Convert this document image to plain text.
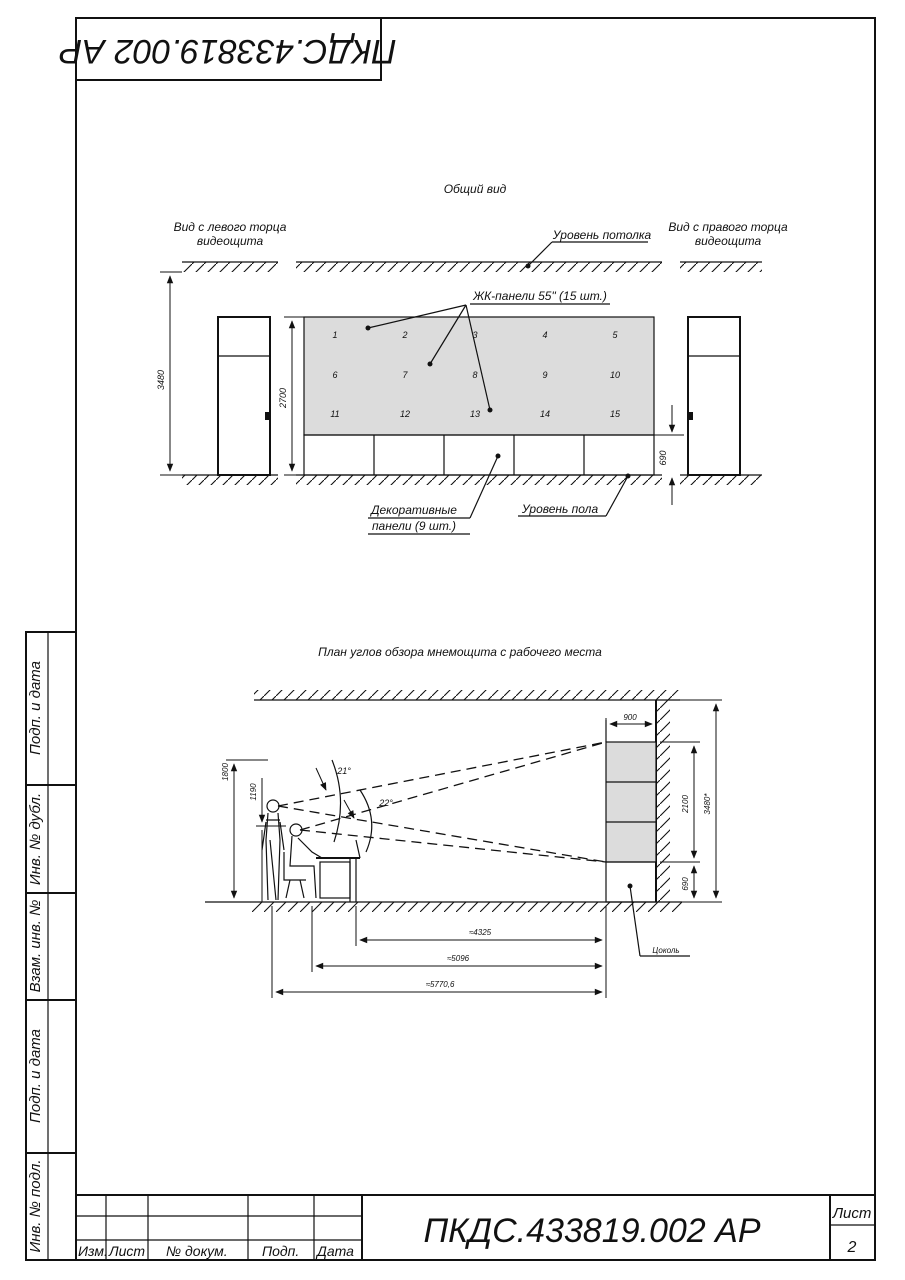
ПКДС.433819.002 АР
Инв. № подл.
Подп. и дата
Взам. инв. №
Инв. № дубл.
Подп. и дата
Изм. Лист № докум. Подп. Дата
ПКДС.433819.002 АР	Лист
2
Общий вид
Вид с левого торца
видеощита
Вид с правого торца
видеощита
Уровень потолка
1	2	3	4	5
6	7	8	9	10
11	12	13	14	15
ЖК-панели 55" (15 шт.)
Декоративные
панели (9 шт.)
Уровень пола
3480
2700
690
План углов обзора мнемощита с рабочего места
Цоколь
900
2100
690
3480*
1800
1190
21°
22°
≈4325
≈5096
≈5770,6
